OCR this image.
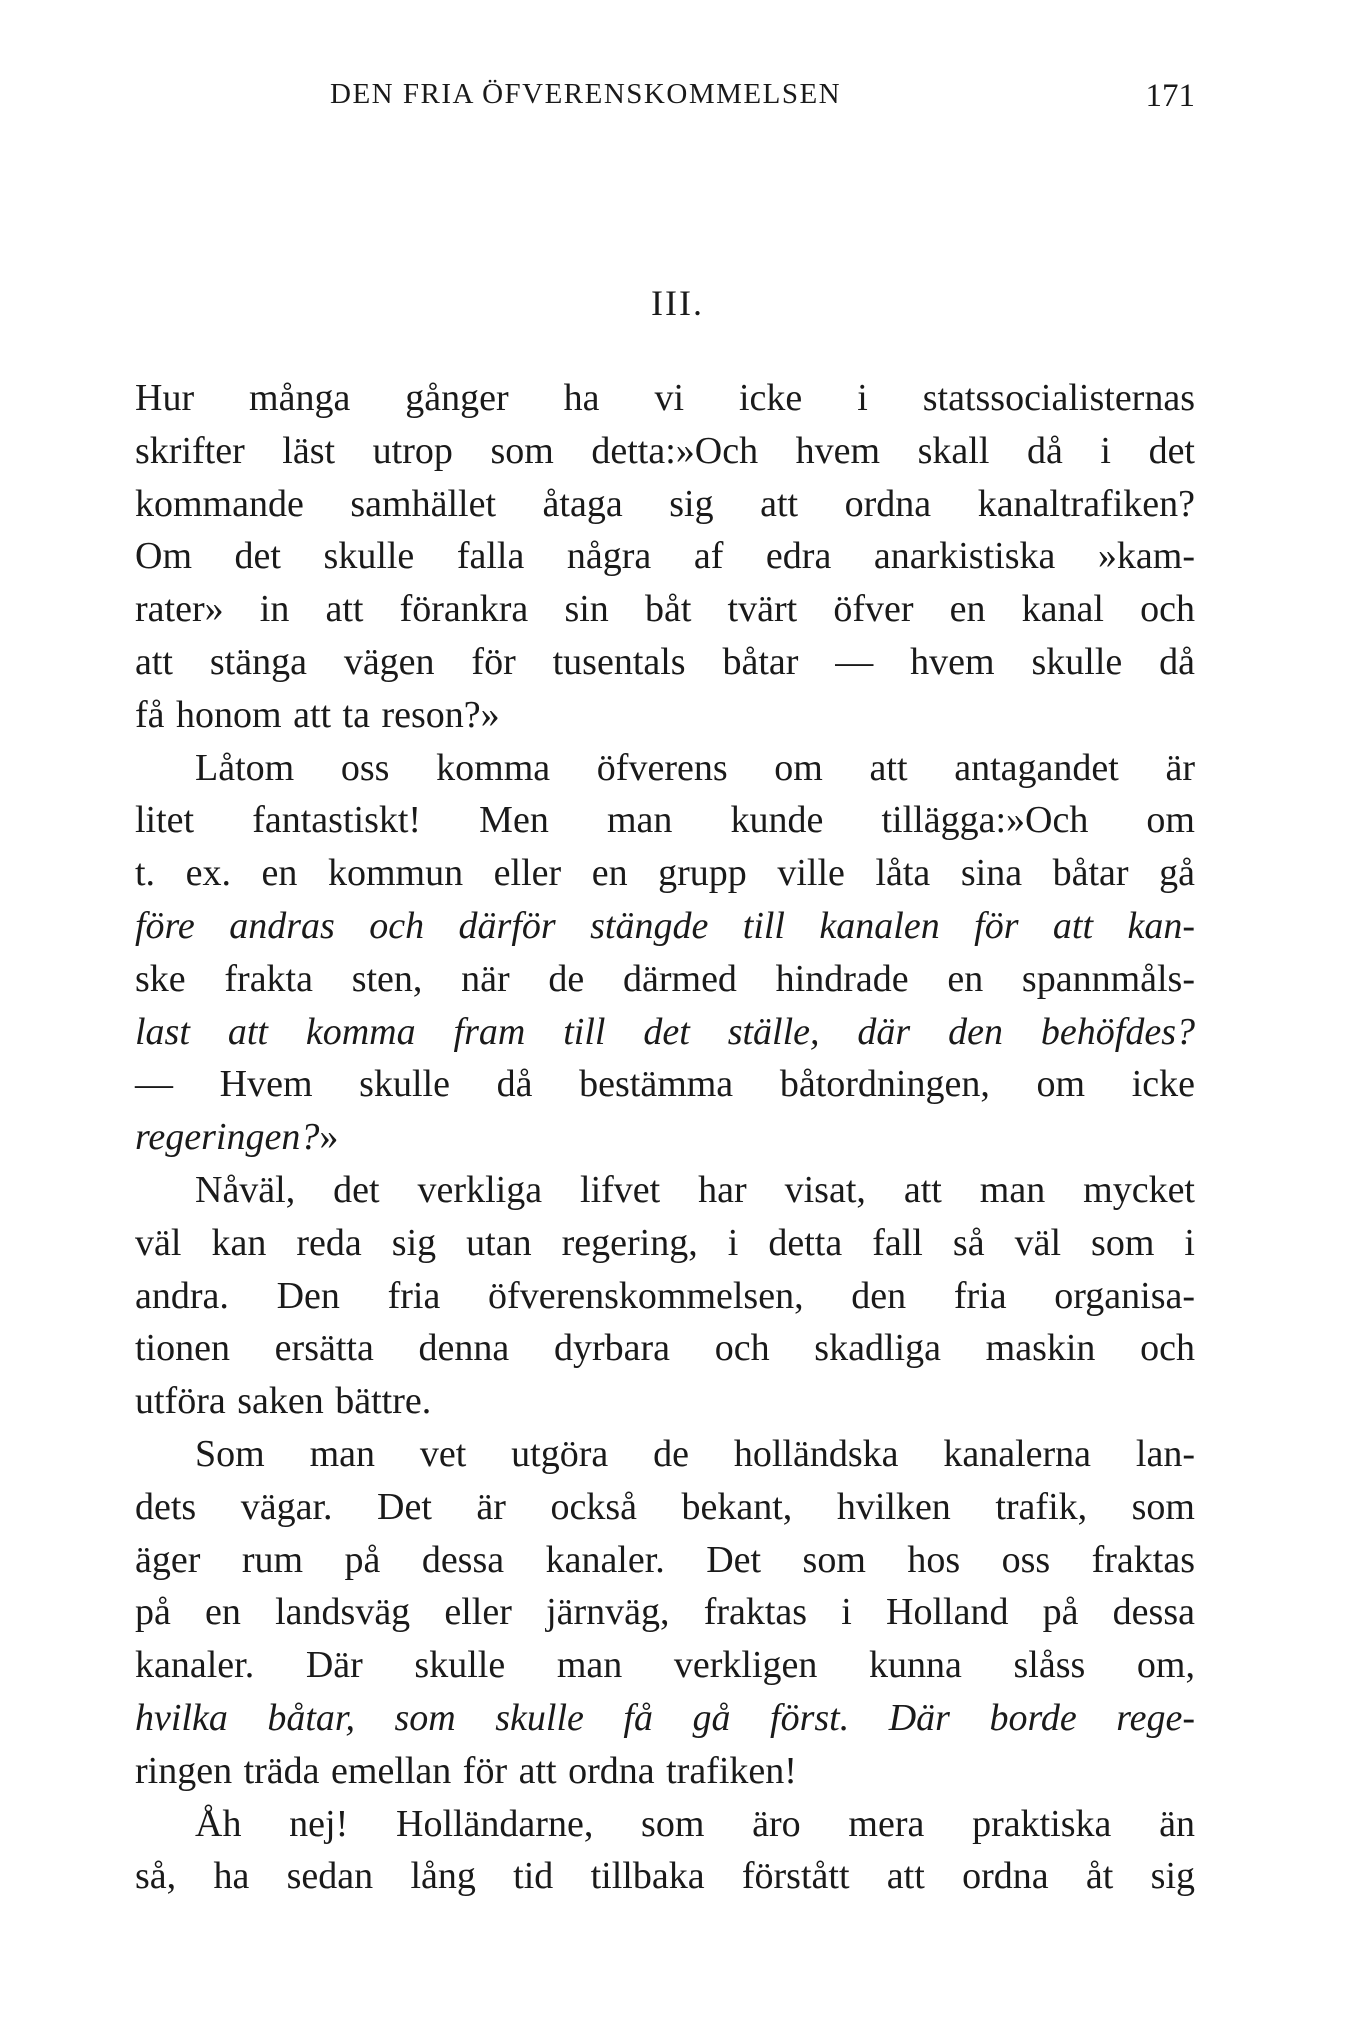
DEN FRIA ÖFVERENSKOMMELSEN	171
III.
Hur många gånger ha vi icke i statssocialisternas
skrifter läst utrop som detta:»Och hvem skall då i det
kommande samhället åtaga sig att ordna kanaltrafiken?
Om det skulle falla några af edra anarkistiska »kam-
rater» in att förankra sin båt tvärt öfver en kanal och
att stänga vägen för tusentals båtar — hvem skulle då
få honom att ta reson?»
Låtom oss komma öfverens om att antagandet är
litet fantastiskt! Men man kunde tillägga:»Och om
t. ex. en kommun eller en grupp ville låta sina båtar gå
före andras och därför stängde till kanalen för att kan-
ske frakta sten, när de därmed hindrade en spannmåls-
last att komma fram till det ställe, där den behöfdes?
— Hvem skulle då bestämma båtordningen, om icke
regeringen?»
Nåväl, det verkliga lifvet har visat, att man mycket
väl kan reda sig utan regering, i detta fall så väl som i
andra. Den fria öfverenskommelsen, den fria organisa-
tionen ersätta denna dyrbara och skadliga maskin och
utföra saken bättre.
Som man vet utgöra de holländska kanalerna lan-
dets vägar. Det är också bekant, hvilken trafik, som
äger rum på dessa kanaler. Det som hos oss fraktas
på en landsväg eller järnväg, fraktas i Holland på dessa
kanaler. Där skulle man verkligen kunna slåss om,
hvilka båtar, som skulle få gå först. Där borde rege-
ringen träda emellan för att ordna trafiken!
Åh nej! Holländarne, som äro mera praktiska än
så, ha sedan lång tid tillbaka förstått att ordna åt sig
